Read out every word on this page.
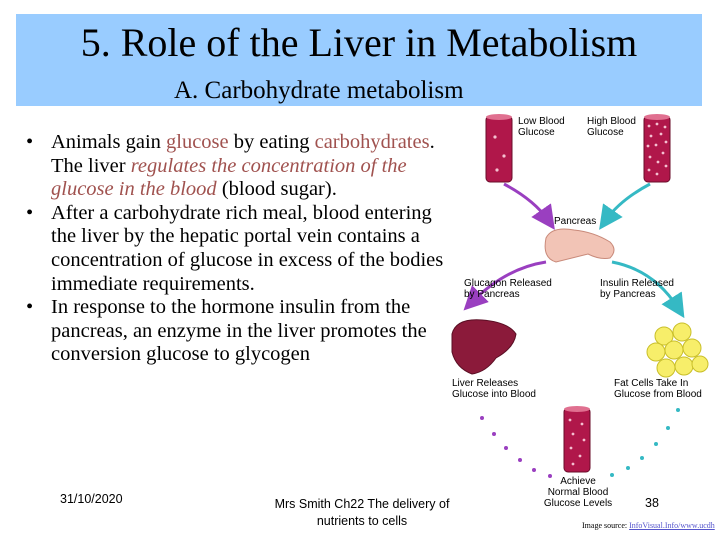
5. Role of the Liver in Metabolism
A. Carbohydrate metabolism

• Animals gain glucose by eating carbohydrates. The liver regulates the concentration of the glucose in the blood (blood sugar).

• After a carbohydrate rich meal, blood entering the liver by the hepatic portal vein contains a concentration of glucose in excess of the bodies immediate requirements.

• In response to the hormone insulin from the pancreas, an enzyme in the liver promotes the conversion glucose to glycogen

Low Blood
Glucose
High Blood
Glucose
Pancreas
Glucagon Released
by Pancreas
Insulin Released
by Pancreas
Liver Releases
Glucose into Blood
Fat Cells Take In
Glucose from Blood
Achieve
Normal Blood
Glucose Levels
31/10/2020	Mrs Smith Ch22 The delivery of nutrients to cells
38
Image source: InfoVisual.Info/www.ucdh
